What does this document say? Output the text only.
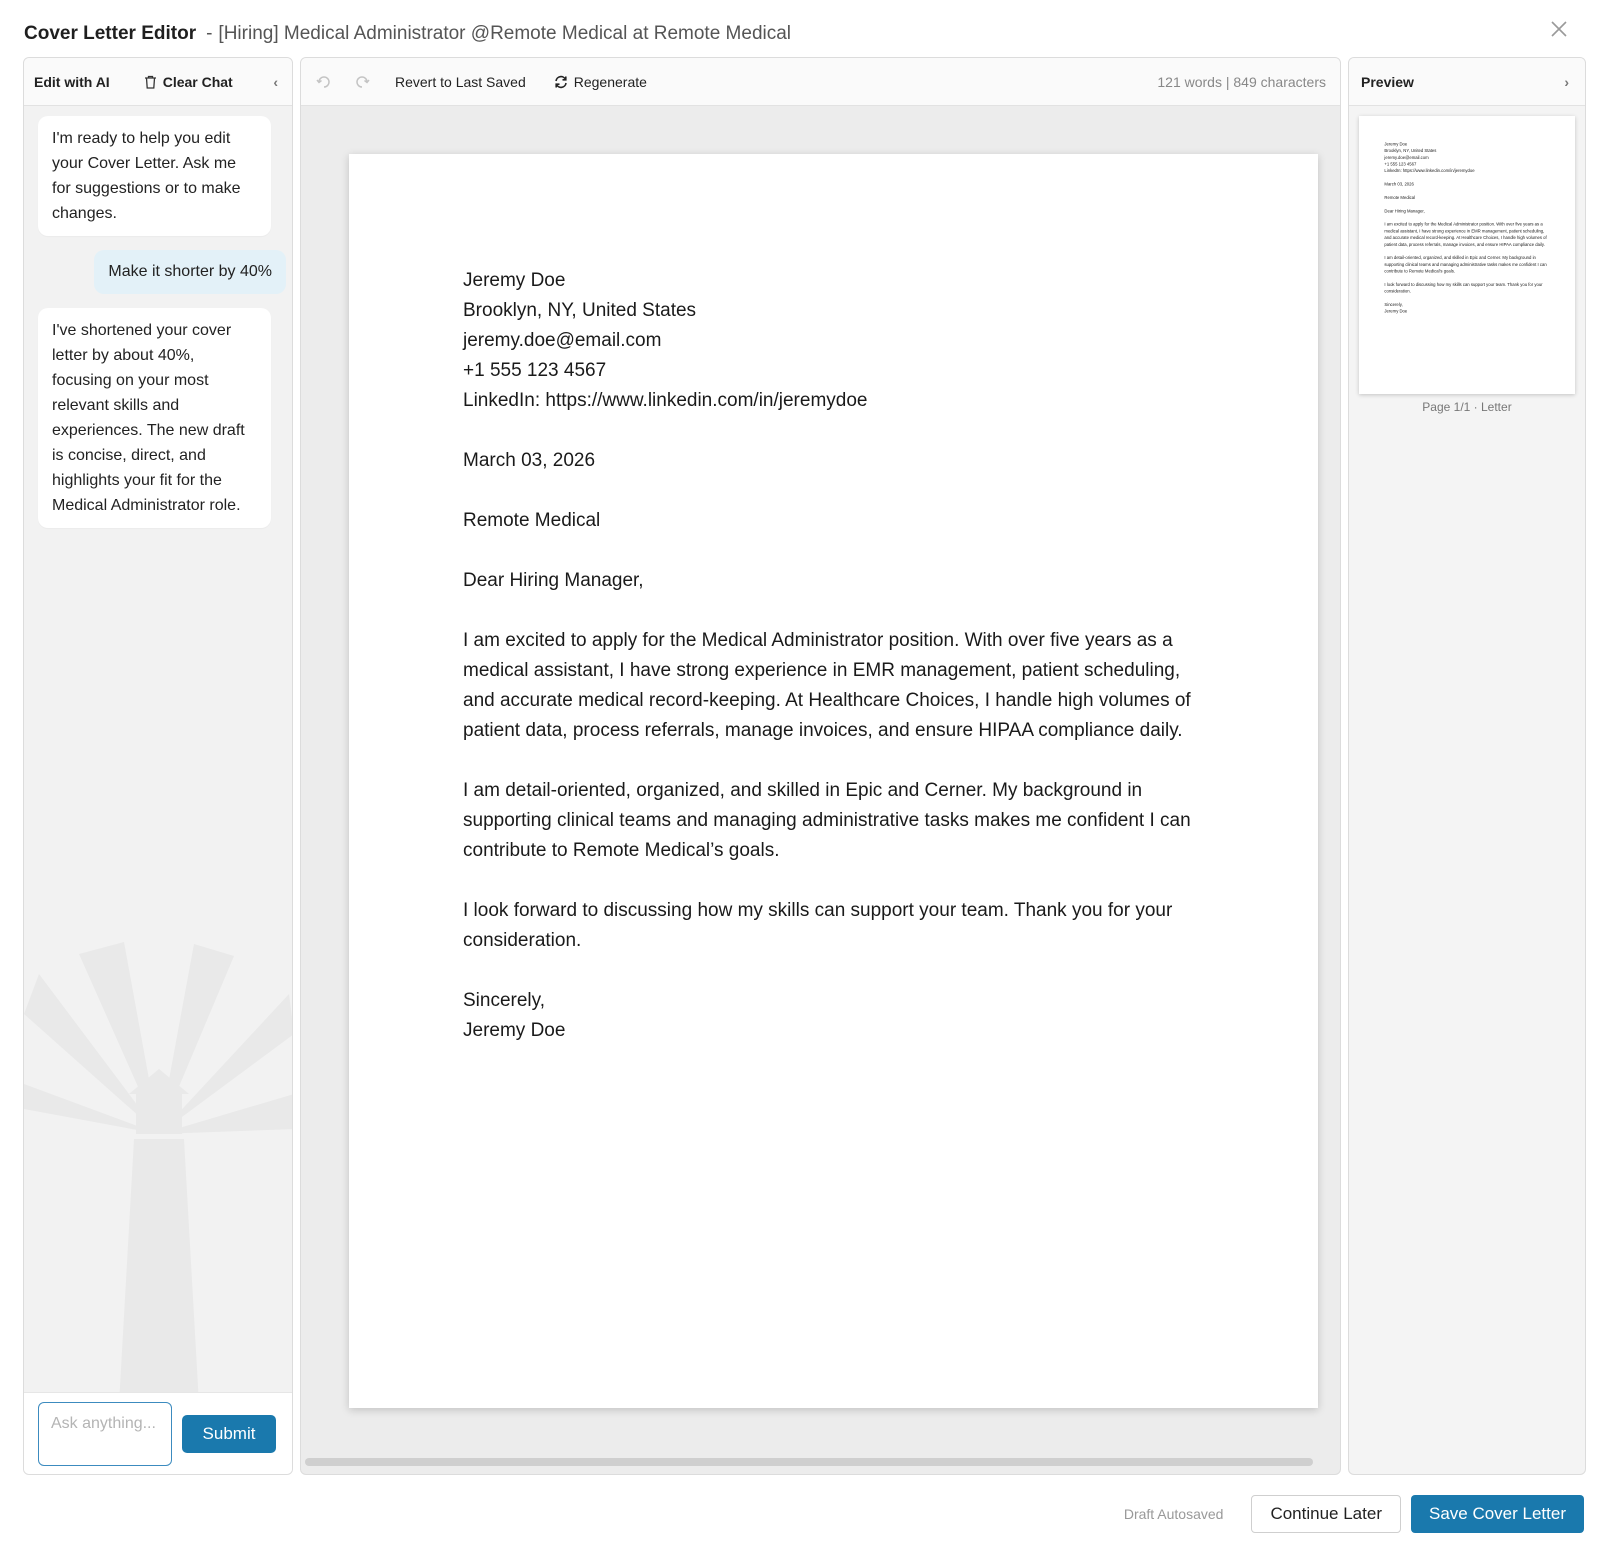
Cover Letter Editor - [Hiring] Medical Administrator @Remote Medical at Remote Medical
Edit with AI	Clear Chat	‹
I'm ready to help you edit your Cover Letter. Ask me for suggestions or to make changes.
Make it shorter by 40%
I've shortened your cover letter by about 40%, focusing on your most relevant skills and experiences. The new draft is concise, direct, and highlights your fit for the Medical Administrator role.
Ask anything...
Submit
Revert to Last Saved	Regenerate	121 words | 849 characters
Jeremy Doe
Brooklyn, NY, United States
jeremy.doe@email.com
+1 555 123 4567

LinkedIn: https://www.linkedin.com/in/jeremydoe

March 03, 2026

Remote Medical

Dear Hiring Manager,

I am excited to apply for the Medical Administrator position. With over five years as a medical assistant, I have strong experience in EMR management, patient scheduling, and accurate medical record-keeping. At Healthcare Choices, I handle high volumes of patient data, process referrals, manage invoices, and ensure HIPAA compliance daily.

I am detail-oriented, organized, and skilled in Epic and Cerner. My background in supporting clinical teams and managing administrative tasks makes me confident I can contribute to Remote Medical’s goals.

I look forward to discussing how my skills can support your team. Thank you for your consideration.

Sincerely,
Jeremy Doe
Preview	›
Jeremy Doe
Brooklyn, NY, United States
jeremy.doe@email.com
+1 555 123 4567

LinkedIn: https://www.linkedin.com/in/jeremydoe

March 03, 2026

Remote Medical

Dear Hiring Manager,

I am excited to apply for the Medical Administrator position. With over five years as a medical assistant, I have strong experience in EMR management, patient scheduling, and accurate medical record-keeping. At Healthcare Choices, I handle high volumes of patient data, process referrals, manage invoices, and ensure HIPAA compliance daily.

I am detail-oriented, organized, and skilled in Epic and Cerner. My background in supporting clinical teams and managing administrative tasks makes me confident I can contribute to Remote Medical’s goals.

I look forward to discussing how my skills can support your team. Thank you for your consideration.

Sincerely,
Jeremy Doe
Page 1/1 · Letter
Draft Autosaved	Continue Later	Save Cover Letter
